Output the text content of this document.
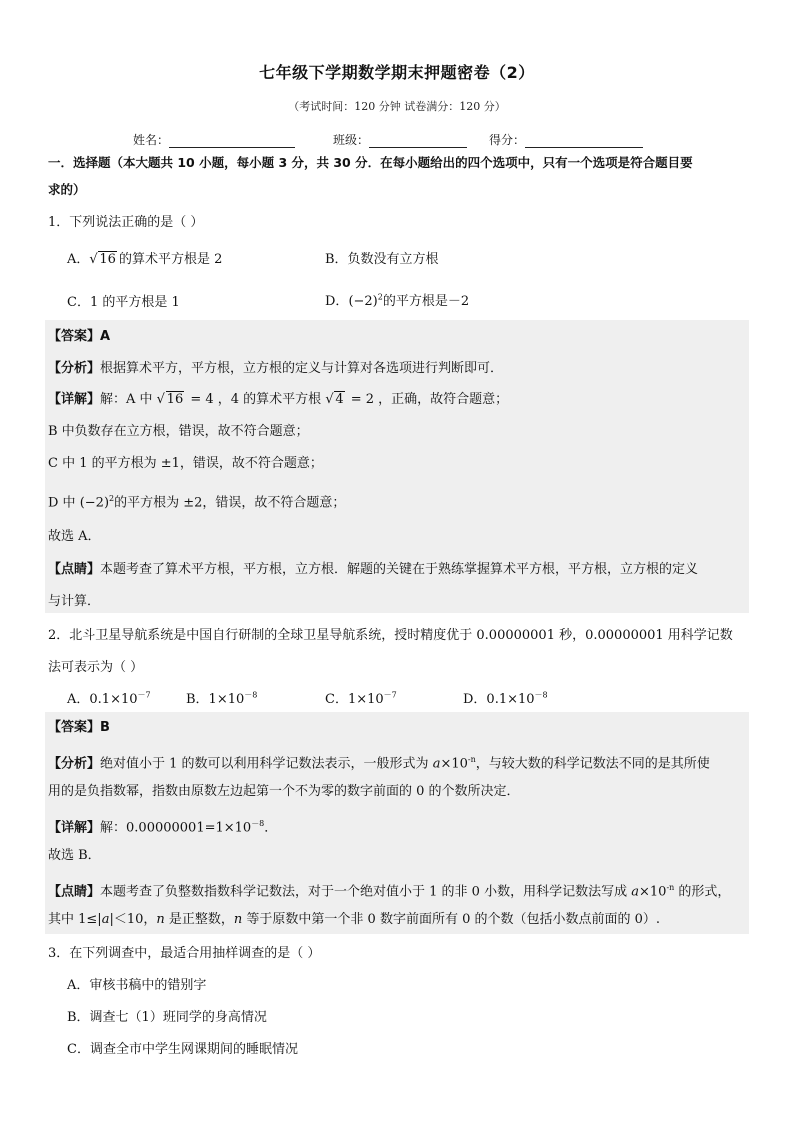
七年级下学期数学期末押题密卷（2）
（考试时间：120 分钟 试卷满分：120 分）
姓名：	班级：	得分：
一．选择题（本大题共 10 小题，每小题 3 分，共 30 分．在每小题给出的四个选项中，只有一个选项是符合题目要
求的）
1．下列说法正确的是（ ）
A． √ 16 的算术平方根是 2	B．负数没有立方根
C．1 的平方根是 1	D．$(-2)^2$的平方根是－2
【答案】A
【分析】根据算术平方，平方根，立方根的定义与计算对各选项进行判断即可．
【详解】解：A 中 √ 16 = 4 ，4 的算术平方根 √ 4 = 2 ，正确，故符合题意；
B 中负数存在立方根，错误，故不符合题意；
C 中 1 的平方根为 ±1，错误，故不符合题意；
D 中 $(-2)^2$的平方根为 ±2，错误，故不符合题意；
故选 A．
【点睛】本题考查了算术平方根，平方根，立方根．解题的关键在于熟练掌握算术平方根，平方根，立方根的定义
与计算．
2．北斗卫星导航系统是中国自行研制的全球卫星导航系统，授时精度优于 0.00000001 秒，0.00000001 用科学记数
法可表示为（ ）
A．$0.1\times 10^{-7}$	B．$1\times 10^{-8}$	C．$1\times 10^{-7}$	D．$0.1\times 10^{-8}$
【答案】B
【分析】绝对值小于 1 的数可以利用科学记数法表示，一般形式为 $a\times 10^{-n}$，与较大数的科学记数法不同的是其所使
用的是负指数幂，指数由原数左边起第一个不为零的数字前面的 0 的个数所决定．
【详解】解：$0.00000001=1\times 10^{-8}$．
故选 B．
【点睛】本题考查了负整数指数科学记数法，对于一个绝对值小于 1 的非 0 小数，用科学记数法写成 $a\times 10^{-n}$ 的形式，
其中 1≤|a|＜10，n 是正整数，n 等于原数中第一个非 0 数字前面所有 0 的个数（包括小数点前面的 0）.
3．在下列调查中，最适合用抽样调查的是（ ）
A．审核书稿中的错别字
B．调查七（1）班同学的身高情况
C．调查全市中学生网课期间的睡眠情况
